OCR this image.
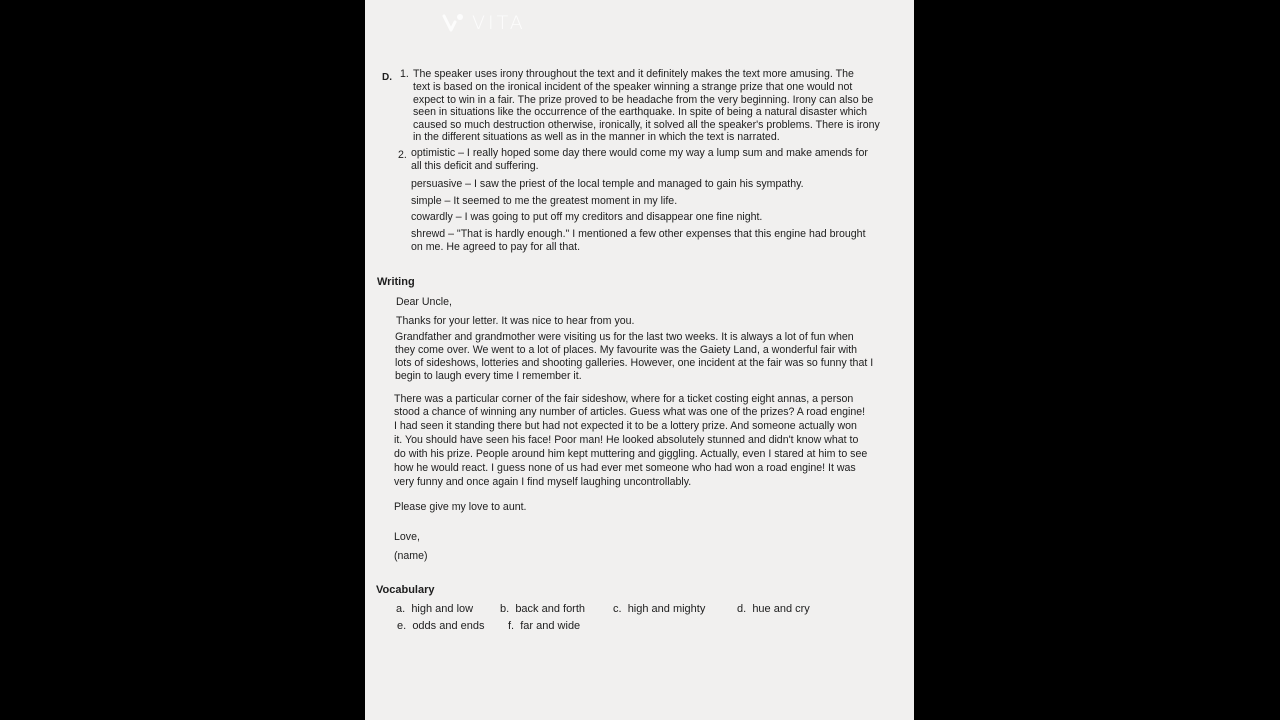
D. 1. The speaker uses irony throughout the text and it definitely makes the text more amusing. The
text is based on the ironical incident of the speaker winning a strange prize that one would not
expect to win in a fair. The prize proved to be headache from the very beginning. Irony can also be
seen in situations like the occurrence of the earthquake. In spite of being a natural disaster which
caused so much destruction otherwise, ironically, it solved all the speaker's problems. There is irony
in the different situations as well as in the manner in which the text is narrated.
2. optimistic – I really hoped some day there would come my way a lump sum and make amends for
all this deficit and suffering.
persuasive – I saw the priest of the local temple and managed to gain his sympathy.
simple – It seemed to me the greatest moment in my life.
cowardly – I was going to put off my creditors and disappear one fine night.
shrewd – "That is hardly enough." I mentioned a few other expenses that this engine had brought
on me. He agreed to pay for all that.
Writing
Dear Uncle,
Thanks for your letter. It was nice to hear from you.
Grandfather and grandmother were visiting us for the last two weeks. It is always a lot of fun when
they come over. We went to a lot of places. My favourite was the Gaiety Land, a wonderful fair with
lots of sideshows, lotteries and shooting galleries. However, one incident at the fair was so funny that I
begin to laugh every time I remember it.
There was a particular corner of the fair sideshow, where for a ticket costing eight annas, a person
stood a chance of winning any number of articles. Guess what was one of the prizes? A road engine!
I had seen it standing there but had not expected it to be a lottery prize. And someone actually won
it. You should have seen his face! Poor man! He looked absolutely stunned and didn't know what to
do with his prize. People around him kept muttering and giggling. Actually, even I stared at him to see
how he would react. I guess none of us had ever met someone who had won a road engine! It was
very funny and once again I find myself laughing uncontrollably.
Please give my love to aunt.
Love,
(name)
Vocabulary
a. high and low b. back and forth	c. high and mighty	d. hue and cry
e. odds and ends f. far and wide
VITA
